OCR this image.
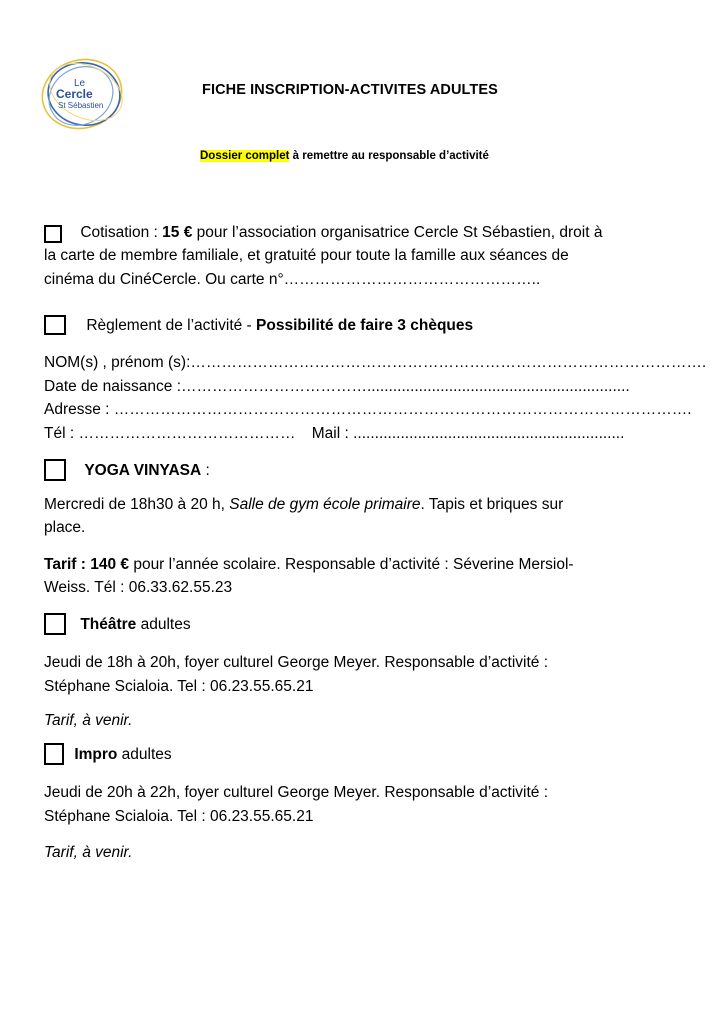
Le
Cercle
St Sébastien
FICHE INSCRIPTION-ACTIVITES ADULTES
Dossier complet à remettre au responsable d’activité
Cotisation : 15 € pour l’association organisatrice Cercle St Sébastien, droit à
la carte de membre familiale, et gratuité pour toute la famille aux séances de
cinéma du CinéCercle. Ou carte n°…………………………………………..
Règlement de l’activité - Possibilité de faire 3 chèques
NOM(s) , prénom (s):……………………………………………………………………………………….
Date de naissance :……………………………….............................................................
Adresse : ………………………………………………………………………………………………….
Tél : …………………………………… Mail : ...............................................................
YOGA VINYASA :
Mercredi de 18h30 à 20 h, Salle de gym école primaire. Tapis et briques sur
place.
Tarif : 140 € pour l’année scolaire. Responsable d’activité : Séverine Mersiol-
Weiss. Tél : 06.33.62.55.23
Théâtre adultes
Jeudi de 18h à 20h, foyer culturel George Meyer. Responsable d’activité :
Stéphane Scialoia. Tel : 06.23.55.65.21
Tarif, à venir.
Impro adultes
Jeudi de 20h à 22h, foyer culturel George Meyer. Responsable d’activité :
Stéphane Scialoia. Tel : 06.23.55.65.21
Tarif, à venir.
